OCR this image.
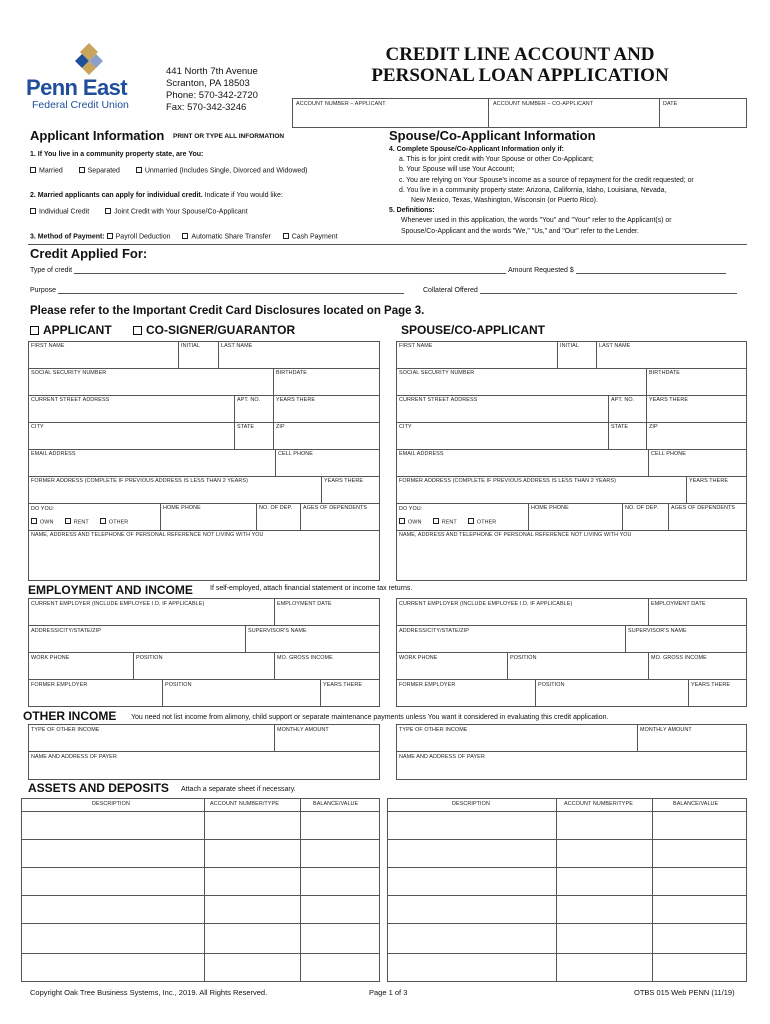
Penn East
Federal Credit Union
441 North 7th Avenue
Scranton, PA 18503
Phone: 570-342-2720
Fax: 570-342-3246
CREDIT LINE ACCOUNT AND
PERSONAL LOAN APPLICATION
ACCOUNT NUMBER – APPLICANT	ACCOUNT NUMBER – CO-APPLICANT	DATE
Applicant Information PRINT OR TYPE ALL INFORMATION
1. If You live in a community property state, are You:
Married	Separated	Unmarried (Includes Single, Divorced and Widowed)
2. Married applicants can apply for individual credit. Indicate if You would like:
Individual Credit	Joint Credit with Your Spouse/Co-Applicant
3. Method of Payment: Payroll Deduction	Automatic Share Transfer	Cash Payment
Spouse/Co-Applicant Information
4. Complete Spouse/Co-Applicant Information only if:
a. This is for joint credit with Your Spouse or other Co-Applicant;
b. Your Spouse will use Your Account;
c. You are relying on Your Spouse's income as a source of repayment for the credit requested; or
d. You live in a community property state: Arizona, California, Idaho, Louisiana, Nevada,
New Mexico, Texas, Washington, Wisconsin (or Puerto Rico).
5. Definitions:
Whenever used in this application, the words "You" and "Your" refer to the Applicant(s) or
Spouse/Co-Applicant and the words "We," "Us," and "Our" refer to the Lender.
Credit Applied For:
Type of credit	Amount Requested $
Purpose	Collateral Offered
Please refer to the Important Credit Card Disclosures located on Page 3.
APPLICANT	CO-SIGNER/GUARANTOR	SPOUSE/CO-APPLICANT
FIRST NAME	INITIAL	LAST NAME
SOCIAL SECURITY NUMBER	BIRTHDATE
CURRENT STREET ADDRESS	APT. NO.	YEARS THERE
CITY	STATE	ZIP
EMAIL ADDRESS	CELL PHONE
FORMER ADDRESS (COMPLETE IF PREVIOUS ADDRESS IS LESS THAN 2 YEARS)	YEARS THERE
DO YOU:
OWN	RENT	OTHER
HOME PHONE	NO. OF DEP. AGES OF DEPENDENTS
NAME, ADDRESS AND TELEPHONE OF PERSONAL REFERENCE NOT LIVING WITH YOU
FIRST NAME	INITIAL	LAST NAME
SOCIAL SECURITY NUMBER	BIRTHDATE
CURRENT STREET ADDRESS	APT. NO.	YEARS THERE
CITY	STATE	ZIP
EMAIL ADDRESS	CELL PHONE
FORMER ADDRESS (COMPLETE IF PREVIOUS ADDRESS IS LESS THAN 2 YEARS)	YEARS THERE
DO YOU:
OWN	RENT	OTHER
HOME PHONE	NO. OF DEP. AGES OF DEPENDENTS
NAME, ADDRESS AND TELEPHONE OF PERSONAL REFERENCE NOT LIVING WITH YOU
EMPLOYMENT AND INCOME If self-employed, attach financial statement or income tax returns.
CURRENT EMPLOYER (INCLUDE EMPLOYEE I.D. IF APPLICABLE)	EMPLOYMENT DATE
ADDRESS/CITY/STATE/ZIP	SUPERVISOR'S NAME
WORK PHONE	POSITION	MO. GROSS INCOME
FORMER EMPLOYER	POSITION	YEARS THERE
CURRENT EMPLOYER (INCLUDE EMPLOYEE I.D. IF APPLICABLE)	EMPLOYMENT DATE
ADDRESS/CITY/STATE/ZIP	SUPERVISOR'S NAME
WORK PHONE	POSITION	MO. GROSS INCOME
FORMER EMPLOYER	POSITION	YEARS THERE
OTHER INCOME You need not list income from alimony, child support or separate maintenance payments unless You want it considered in evaluating this credit application.
TYPE OF OTHER INCOME	MONTHLY AMOUNT
NAME AND ADDRESS OF PAYER
TYPE OF OTHER INCOME	MONTHLY AMOUNT
NAME AND ADDRESS OF PAYER
ASSETS AND DEPOSITS Attach a separate sheet if necessary.
DESCRIPTION	ACCOUNT NUMBER/TYPE	BALANCE/VALUE	DESCRIPTION	ACCOUNT NUMBER/TYPE	BALANCE/VALUE
Copyright Oak Tree Business Systems, Inc., 2019. All Rights Reserved.	Page 1 of 3	OTBS 015 Web PENN (11/19)
